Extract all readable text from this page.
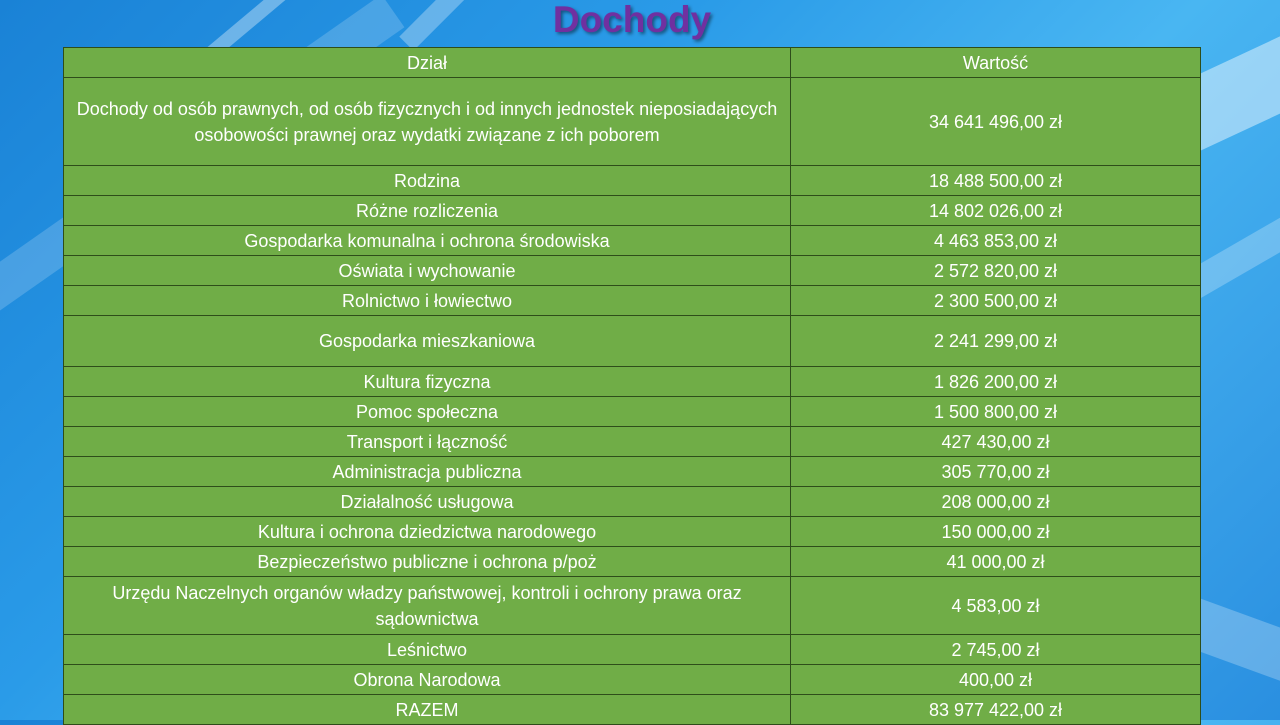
Dochody
Dział	Wartość
Dochody od osób prawnych, od osób fizycznych i od innych jednostek nieposiadających osobowości prawnej oraz wydatki związane z ich poborem	34 641 496,00 zł
Rodzina	18 488 500,00 zł
Różne rozliczenia	14 802 026,00 zł
Gospodarka komunalna i ochrona środowiska	4 463 853,00 zł
Oświata i wychowanie	2 572 820,00 zł
Rolnictwo i łowiectwo	2 300 500,00 zł
Gospodarka mieszkaniowa	2 241 299,00 zł
Kultura fizyczna	1 826 200,00 zł
Pomoc społeczna	1 500 800,00 zł
Transport i łączność	427 430,00 zł
Administracja publiczna	305 770,00 zł
Działalność usługowa	208 000,00 zł
Kultura i ochrona dziedzictwa narodowego	150 000,00 zł
Bezpieczeństwo publiczne i ochrona p/poż	41 000,00 zł
Urzędu Naczelnych organów władzy państwowej, kontroli i ochrony prawa oraz sądownictwa	4 583,00 zł
Leśnictwo	2 745,00 zł
Obrona Narodowa	400,00 zł
RAZEM	83 977 422,00 zł
